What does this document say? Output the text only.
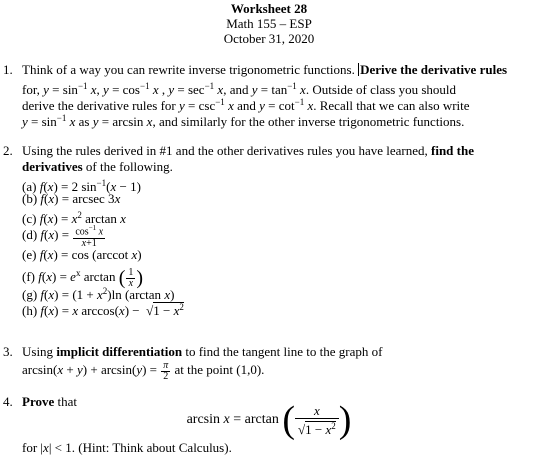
Worksheet 28
Math 155 – ESP
October 31, 2020
1. Think of a way you can rewrite inverse trigonometric functions. Derive the derivative rules
for, $y = \sin^{-1} x$, $y = \cos^{-1} x$ , $y = \sec^{-1} x$, and $y = \tan^{-1} x$. Outside of class you should
derive the derivative rules for $y = \csc^{-1} x$ and $y = \cot^{-1} x$. Recall that we can also write
$y = \sin^{-1} x$ as y = arcsin x, and similarly for the other inverse trigonometric functions.
2. Using the rules derived in #1 and the other derivatives rules you have learned, find the
derivatives of the following.
(a) f(x) = 2 $\sin^{-1}(x - 1)$
(b) f(x) = arcsec 3x
(c) $f(x) = x^2$ arctan x
(d) $f(x) = \frac{\cos^{-1} x}{x+1}$
(e) f(x) = cos (arccot x)
(f) $f(x) = e^x$ arctan ( $\frac{1}{x}$ )
(g) $f(x) = (1 + x^2)\ln$ (arctan x)
(h) f(x) = x $\arccos(x) - √1 - x^2$
3. Using implicit differentiation to find the tangent line to the graph of
$\arcsin(x + y) + \arcsin(y) = \frac{\pi}{2}$ at the point (1,0).
4. Prove that
arcsin x = arctan ( $\frac{x}{√1 - x^2}$ )
for |x| < 1. (Hint: Think about Calculus).
